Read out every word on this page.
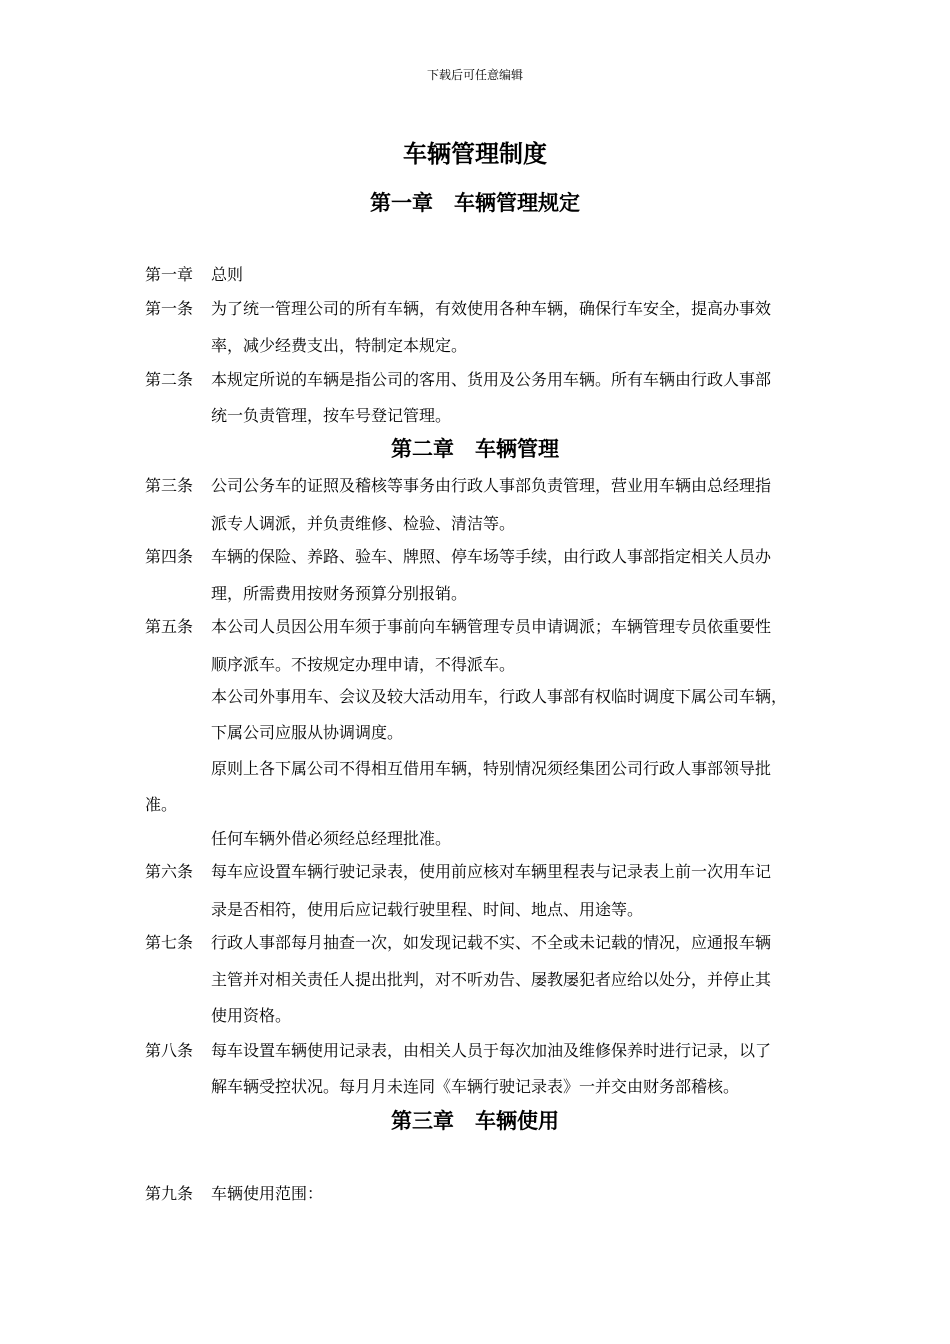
下载后可任意编辑
车辆管理制度
第一章　车辆管理规定
第一章 总则
第一条 为了统一管理公司的所有车辆，有效使用各种车辆，确保行车安全，提高办事效
率，减少经费支出，特制定本规定。
第二条 本规定所说的车辆是指公司的客用、货用及公务用车辆。所有车辆由行政人事部
统一负责管理，按车号登记管理。
第二章　车辆管理
第三条 公司公务车的证照及稽核等事务由行政人事部负责管理，营业用车辆由总经理指
派专人调派，并负责维修、检验、清洁等。
第四条 车辆的保险、养路、验车、牌照、停车场等手续，由行政人事部指定相关人员办
理，所需费用按财务预算分别报销。
第五条 本公司人员因公用车须于事前向车辆管理专员申请调派；车辆管理专员依重要性
顺序派车。不按规定办理申请，不得派车。
本公司外事用车、会议及较大活动用车，行政人事部有权临时调度下属公司车辆，
下属公司应服从协调调度。
原则上各下属公司不得相互借用车辆，特别情况须经集团公司行政人事部领导批
准。
任何车辆外借必须经总经理批准。
第六条 每车应设置车辆行驶记录表，使用前应核对车辆里程表与记录表上前一次用车记
录是否相符，使用后应记载行驶里程、时间、地点、用途等。
第七条 行政人事部每月抽查一次，如发现记载不实、不全或未记载的情况，应通报车辆
主管并对相关责任人提出批判，对不听劝告、屡教屡犯者应给以处分，并停止其
使用资格。
第八条 每车设置车辆使用记录表，由相关人员于每次加油及维修保养时进行记录，以了
解车辆受控状况。每月月未连同《车辆行驶记录表》一并交由财务部稽核。
第三章　车辆使用
第九条 车辆使用范围：
